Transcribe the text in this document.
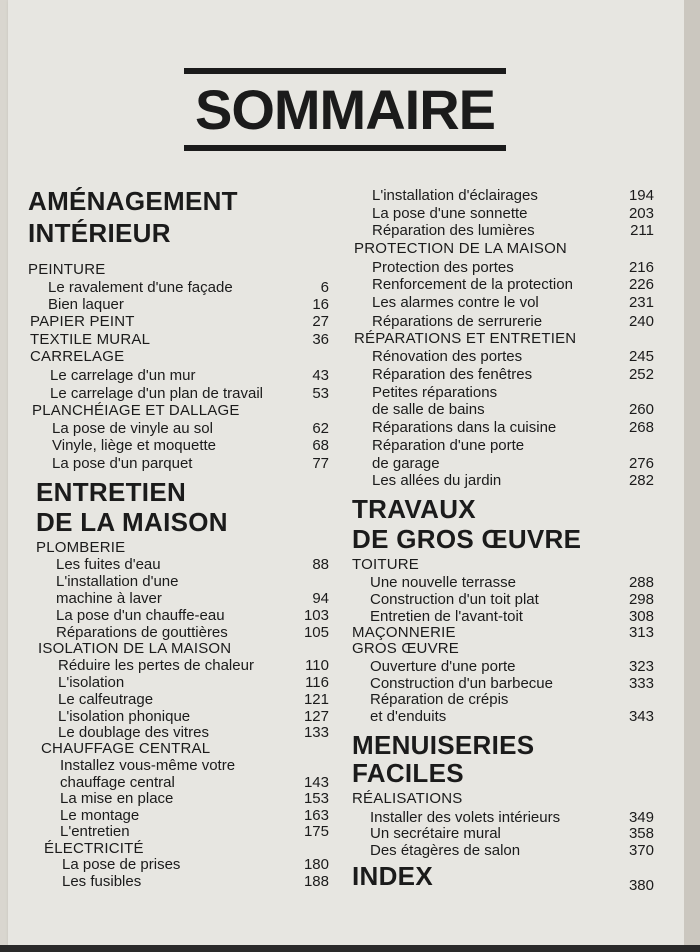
SOMMAIRE
AMÉNAGEMENT
INTÉRIEUR
PEINTURE
Le ravalement d'une façade	6
Bien laquer	16
PAPIER PEINT	27
TEXTILE MURAL	36
CARRELAGE
Le carrelage d'un mur	43
Le carrelage d'un plan de travail	53
PLANCHÉIAGE ET DALLAGE
La pose de vinyle au sol	62
Vinyle, liège et moquette	68
La pose d'un parquet	77
ENTRETIEN
DE LA MAISON
PLOMBERIE
Les fuites d'eau	88
L'installation d'une
machine à laver	94
La pose d'un chauffe-eau	103
Réparations de gouttières	105
ISOLATION DE LA MAISON
Réduire les pertes de chaleur	110
L'isolation	116
Le calfeutrage	121
L'isolation phonique	127
Le doublage des vitres	133
CHAUFFAGE CENTRAL
Installez vous-même votre
chauffage central	143
La mise en place	153
Le montage	163
L'entretien	175
ÉLECTRICITÉ
La pose de prises	180
Les fusibles	188
L'installation d'éclairages	194
La pose d'une sonnette	203
Réparation des lumières	211
PROTECTION DE LA MAISON
Protection des portes	216
Renforcement de la protection	226
Les alarmes contre le vol	231
Réparations de serrurerie	240
RÉPARATIONS ET ENTRETIEN
Rénovation des portes	245
Réparation des fenêtres	252
Petites réparations
de salle de bains	260
Réparations dans la cuisine	268
Réparation d'une porte
de garage	276
Les allées du jardin	282
TRAVAUX
DE GROS ŒUVRE
TOITURE
Une nouvelle terrasse	288
Construction d'un toit plat	298
Entretien de l'avant-toit	308
MAÇONNERIE	313
GROS ŒUVRE
Ouverture d'une porte	323
Construction d'un barbecue	333
Réparation de crépis
et d'enduits	343
MENUISERIES
FACILES
RÉALISATIONS
Installer des volets intérieurs	349
Un secrétaire mural	358
Des étagères de salon	370
INDEX	380
